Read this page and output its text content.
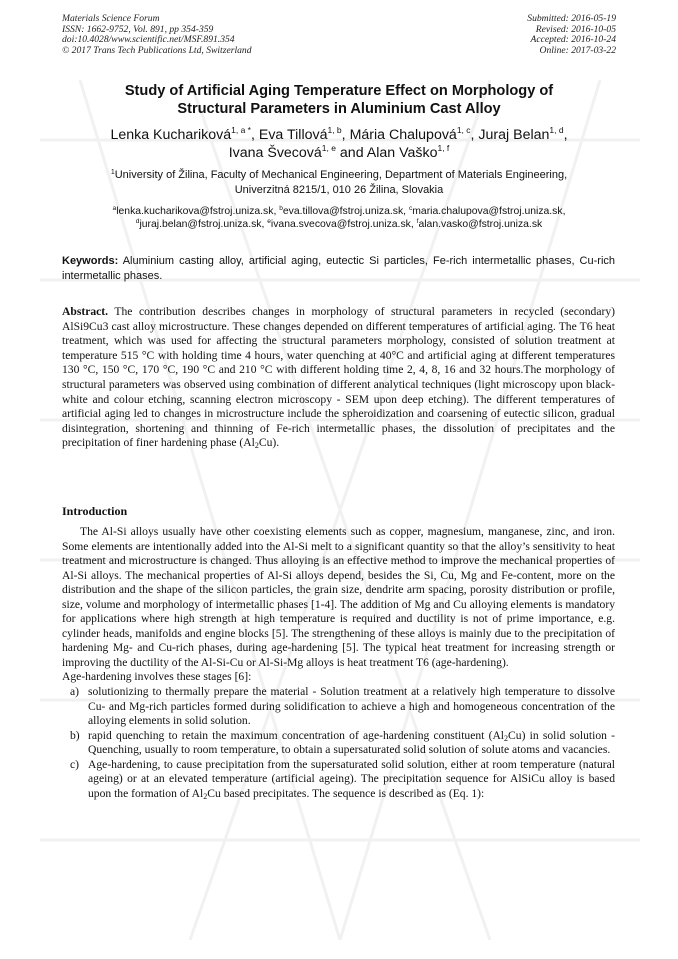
Materials Science Forum
ISSN: 1662-9752, Vol. 891, pp 354-359
doi:10.4028/www.scientific.net/MSF.891.354
© 2017 Trans Tech Publications Ltd, Switzerland
Submitted: 2016-05-19
Revised: 2016-10-05
Accepted: 2016-10-24
Online: 2017-03-22
Study of Artificial Aging Temperature Effect on Morphology of
Structural Parameters in Aluminium Cast Alloy
Lenka Kuchariková$^{1, a *}$, Eva Tillová$^{1, b}$, Mária Chalupová$^{1, c}$, Juraj Belan$^{1, d}$,
Ivana Švecová$^{1, e}$ and Alan Vaško$^{1, f}$
$^1$University of Žilina, Faculty of Mechanical Engineering, Department of Materials Engineering,
Univerzitná 8215/1, 010 26 Žilina, Slovakia
$^a$lenka.kucharikova@fstroj.uniza.sk, $^b$eva.tillova@fstroj.uniza.sk, $^c$maria.chalupova@fstroj.uniza.sk,
$^d$juraj.belan@fstroj.uniza.sk, $^e$ivana.svecova@fstroj.uniza.sk, $^f$alan.vasko@fstroj.uniza.sk
Keywords: Aluminium casting alloy, artificial aging, eutectic Si particles, Fe-rich intermetallic phases, Cu-rich intermetallic phases.
Abstract. The contribution describes changes in morphology of structural parameters in recycled (secondary) AlSi9Cu3 cast alloy microstructure. These changes depended on different temperatures of artificial aging. The T6 heat treatment, which was used for affecting the structural parameters morphology, consisted of solution treatment at temperature 515 °C with holding time 4 hours, water quenching at 40°C and artificial aging at different temperatures 130 °C, 150 °C, 170 °C, 190 °C and 210 °C with different holding time 2, 4, 8, 16 and 32 hours.The morphology of structural parameters was observed using combination of different analytical techniques (light microscopy upon black-white and colour etching, scanning electron microscopy - SEM upon deep etching). The different temperatures of artificial aging led to changes in microstructure include the spheroidization and coarsening of eutectic silicon, gradual disintegration, shortening and thinning of Fe-rich intermetallic phases, the dissolution of precipitates and the precipitation of finer hardening phase $(Al_2Cu)$.
Introduction

The Al-Si alloys usually have other coexisting elements such as copper, magnesium, manganese, zinc, and iron. Some elements are intentionally added into the Al-Si melt to a significant quantity so that the alloy’s sensitivity to heat treatment and microstructure is changed. Thus alloying is an effective method to improve the mechanical properties of Al-Si alloys. The mechanical properties of Al-Si alloys depend, besides the Si, Cu, Mg and Fe-content, more on the distribution and the shape of the silicon particles, the grain size, dendrite arm spacing, porosity distribution or profile, size, volume and morphology of intermetallic phases [1-4]. The addition of Mg and Cu alloying elements is mandatory for applications where high strength at high temperature is required and ductility is not of prime importance, e.g. cylinder heads, manifolds and engine blocks [5]. The strengthening of these alloys is mainly due to the precipitation of hardening Mg- and Cu-rich phases, during age-hardening [5]. The typical heat treatment for increasing strength or improving the ductility of the Al-Si-Cu or Al-Si-Mg alloys is heat treatment T6 (age-hardening).

Age-hardening involves these stages [6]:

a) solutionizing to thermally prepare the material - Solution treatment at a relatively high temperature to dissolve Cu- and Mg-rich particles formed during solidification to achieve a high and homogeneous concentration of the alloying elements in solid solution.
b) rapid quenching to retain the maximum concentration of age-hardening constituent $(Al_2Cu)$ in solid solution - Quenching, usually to room temperature, to obtain a supersaturated solid solution of solute atoms and vacancies.
c) Age-hardening, to cause precipitation from the supersaturated solid solution, either at room temperature (natural ageing) or at an elevated temperature (artificial ageing). The precipitation sequence for AlSiCu alloy is based upon the formation of $Al_2Cu$ based precipitates. The sequence is described as (Eq. 1):
